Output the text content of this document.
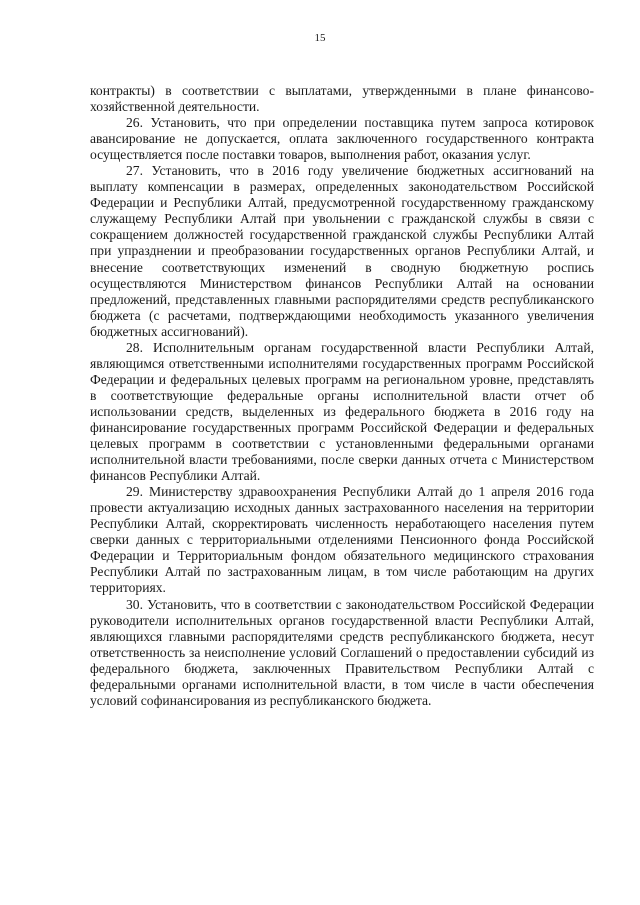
15

контракты) в соответствии с выплатами, утвержденными в плане финансово-хозяйственной деятельности.

26. Установить, что при определении поставщика путем запроса котировок авансирование не допускается, оплата заключенного государственного контракта осуществляется после поставки товаров, выполнения работ, оказания услуг.

27. Установить, что в 2016 году увеличение бюджетных ассигнований на выплату компенсации в размерах, определенных законодательством Российской Федерации и Республики Алтай, предусмотренной государственному гражданскому служащему Республики Алтай при увольнении с гражданской службы в связи с сокращением должностей государственной гражданской службы Республики Алтай при упразднении и преобразовании государственных органов Республики Алтай, и внесение соответствующих изменений в сводную бюджетную роспись осуществляются Министерством финансов Республики Алтай на основании предложений, представленных главными распорядителями средств республиканского бюджета (с расчетами, подтверждающими необходимость указанного увеличения бюджетных ассигнований).

28. Исполнительным органам государственной власти Республики Алтай, являющимся ответственными исполнителями государственных программ Российской Федерации и федеральных целевых программ на региональном уровне, представлять в соответствующие федеральные органы исполнительной власти отчет об использовании средств, выделенных из федерального бюджета в 2016 году на финансирование государственных программ Российской Федерации и федеральных целевых программ в соответствии с установленными федеральными органами исполнительной власти требованиями, после сверки данных отчета с Министерством финансов Республики Алтай.

29. Министерству здравоохранения Республики Алтай до 1 апреля 2016 года провести актуализацию исходных данных застрахованного населения на территории Республики Алтай, скорректировать численность неработающего населения путем сверки данных с территориальными отделениями Пенсионного фонда Российской Федерации и Территориальным фондом обязательного медицинского страхования Республики Алтай по застрахованным лицам, в том числе работающим на других территориях.

30. Установить, что в соответствии с законодательством Российской Федерации руководители исполнительных органов государственной власти Республики Алтай, являющихся главными распорядителями средств республиканского бюджета, несут ответственность за неисполнение условий Соглашений о предоставлении субсидий из федерального бюджета, заключенных Правительством Республики Алтай с федеральными органами исполнительной власти, в том числе в части обеспечения условий софинансирования из республиканского бюджета.
